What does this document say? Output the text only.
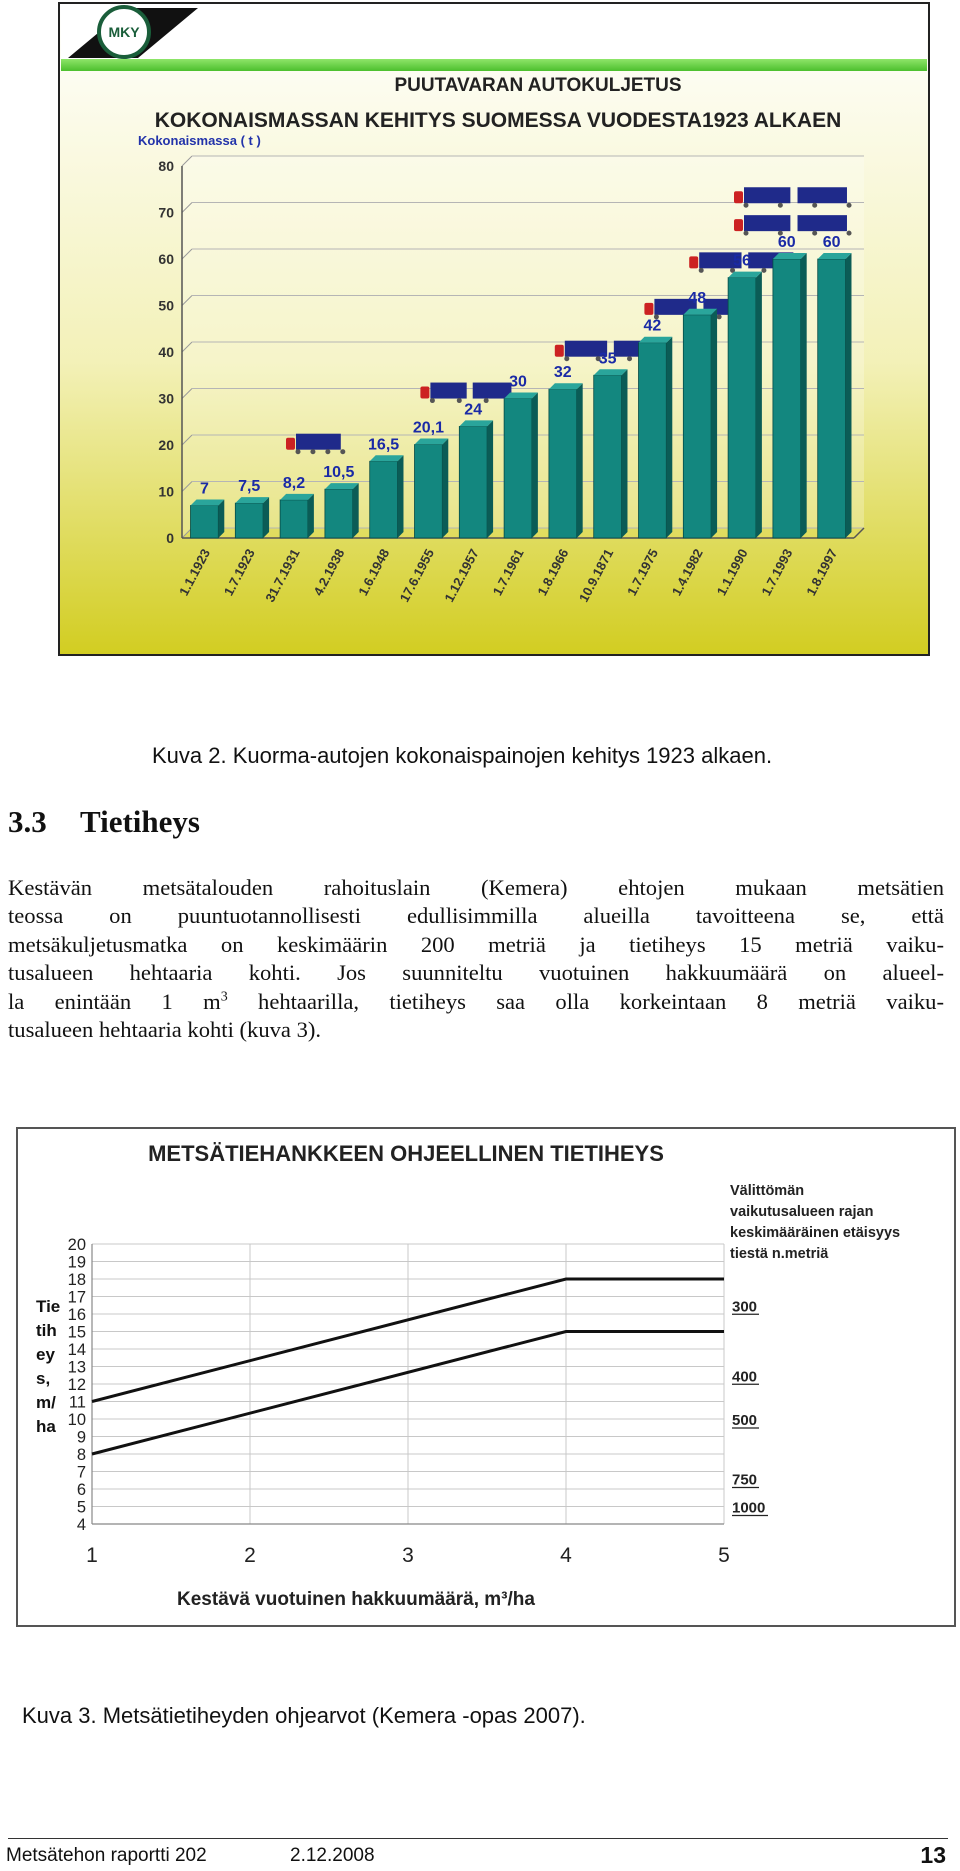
MKY
PUUTAVARAN AUTOKULJETUS
KOKONAISMASSAN KEHITYS SUOMESSA VUODESTA1923 ALKAEN
Kokonaismassa ( t )
0
10
20
30
40
50
60
70
80
7 7,5 8,2
10,5
16,5
20,1
24
30
32
35
42
48
56
60 60
1.1.1923 1.7.1923 31.7.1931 4.2.1938 1.6.1948 17.6.1955 1.12.1957 1.7.1961 1.8.1966 10.9.1871 1.7.1975 1.4.1982 1.1.1990 1.7.1993 1.8.1997
Kuva 2. Kuorma-autojen kokonaispainojen kehitys 1923 alkaen.
3.3 Tietiheys
Kestävän metsätalouden rahoituslain (Kemera) ehtojen mukaan metsätien
teossa on puuntuotannollisesti edullisimmilla alueilla tavoitteena se, että
metsäkuljetusmatka on keskimäärin 200 metriä ja tietiheys 15 metriä vaiku-
tusalueen hehtaaria kohti. Jos suunniteltu vuotuinen hakkuumäärä on alueel-
la enintään 1 $m^3$ hehtaarilla, tietiheys saa olla korkeintaan 8 metriä vaiku-
tusalueen hehtaaria kohti (kuva 3).
METSÄTIEHANKKEEN OHJEELLINEN TIETIHEYS
4
5
6
7
8
9
10
11
12
13
14
15
16
17
18
19
20
1	2	3	4	5
Tie
tih
ey
s,
m/
ha
Välittömän
vaikutusalueen rajan
keskimääräinen etäisyys
tiestä n.metriä
300
400
500
750
1000
Kestävä vuotuinen hakkuumäärä, m³/ha
Kuva 3. Metsätietiheyden ohjearvot (Kemera -opas 2007).
Metsätehon raportti 202	2.12.2008	13
